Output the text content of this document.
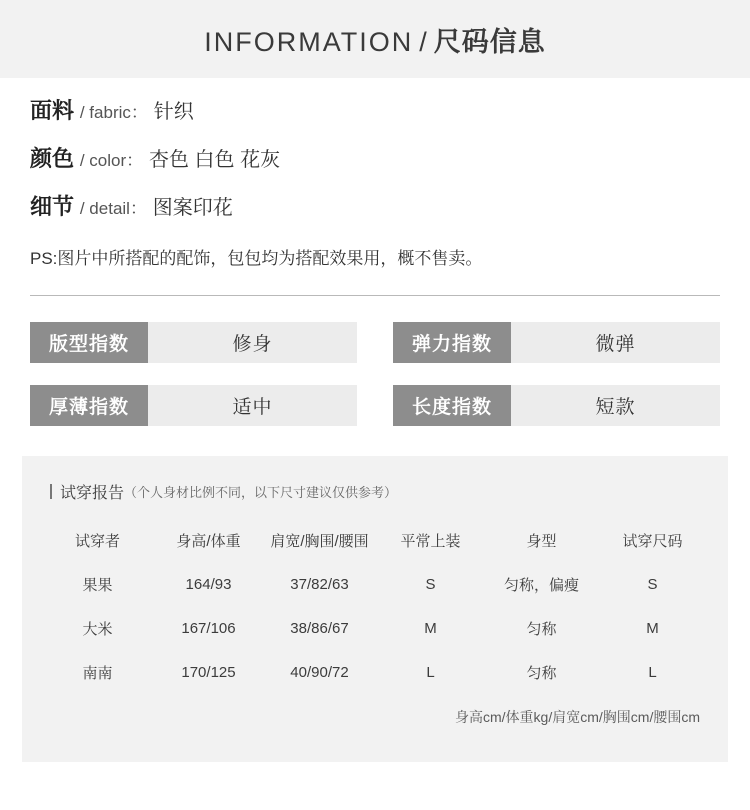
INFORMATION / 尺码信息
面料 / fabric： 针织
颜色 / color： 杏色 白色 花灰
细节 / detail： 图案印花
PS:图片中所搭配的配饰，包包均为搭配效果用，概不售卖。
版型指数	修身	弹力指数	微弹
厚薄指数	适中	长度指数	短款
试穿报告 （个人身材比例不同，以下尺寸建议仅供参考）
试穿者	身高/体重	肩宽/胸围/腰围	平常上装	身型	试穿尺码
果果	164/93	37/82/63	S	匀称，偏瘦	S
大米	167/106	38/86/67	M	匀称	M
南南	170/125	40/90/72	L	匀称	L
身高cm/体重kg/肩宽cm/胸围cm/腰围cm
